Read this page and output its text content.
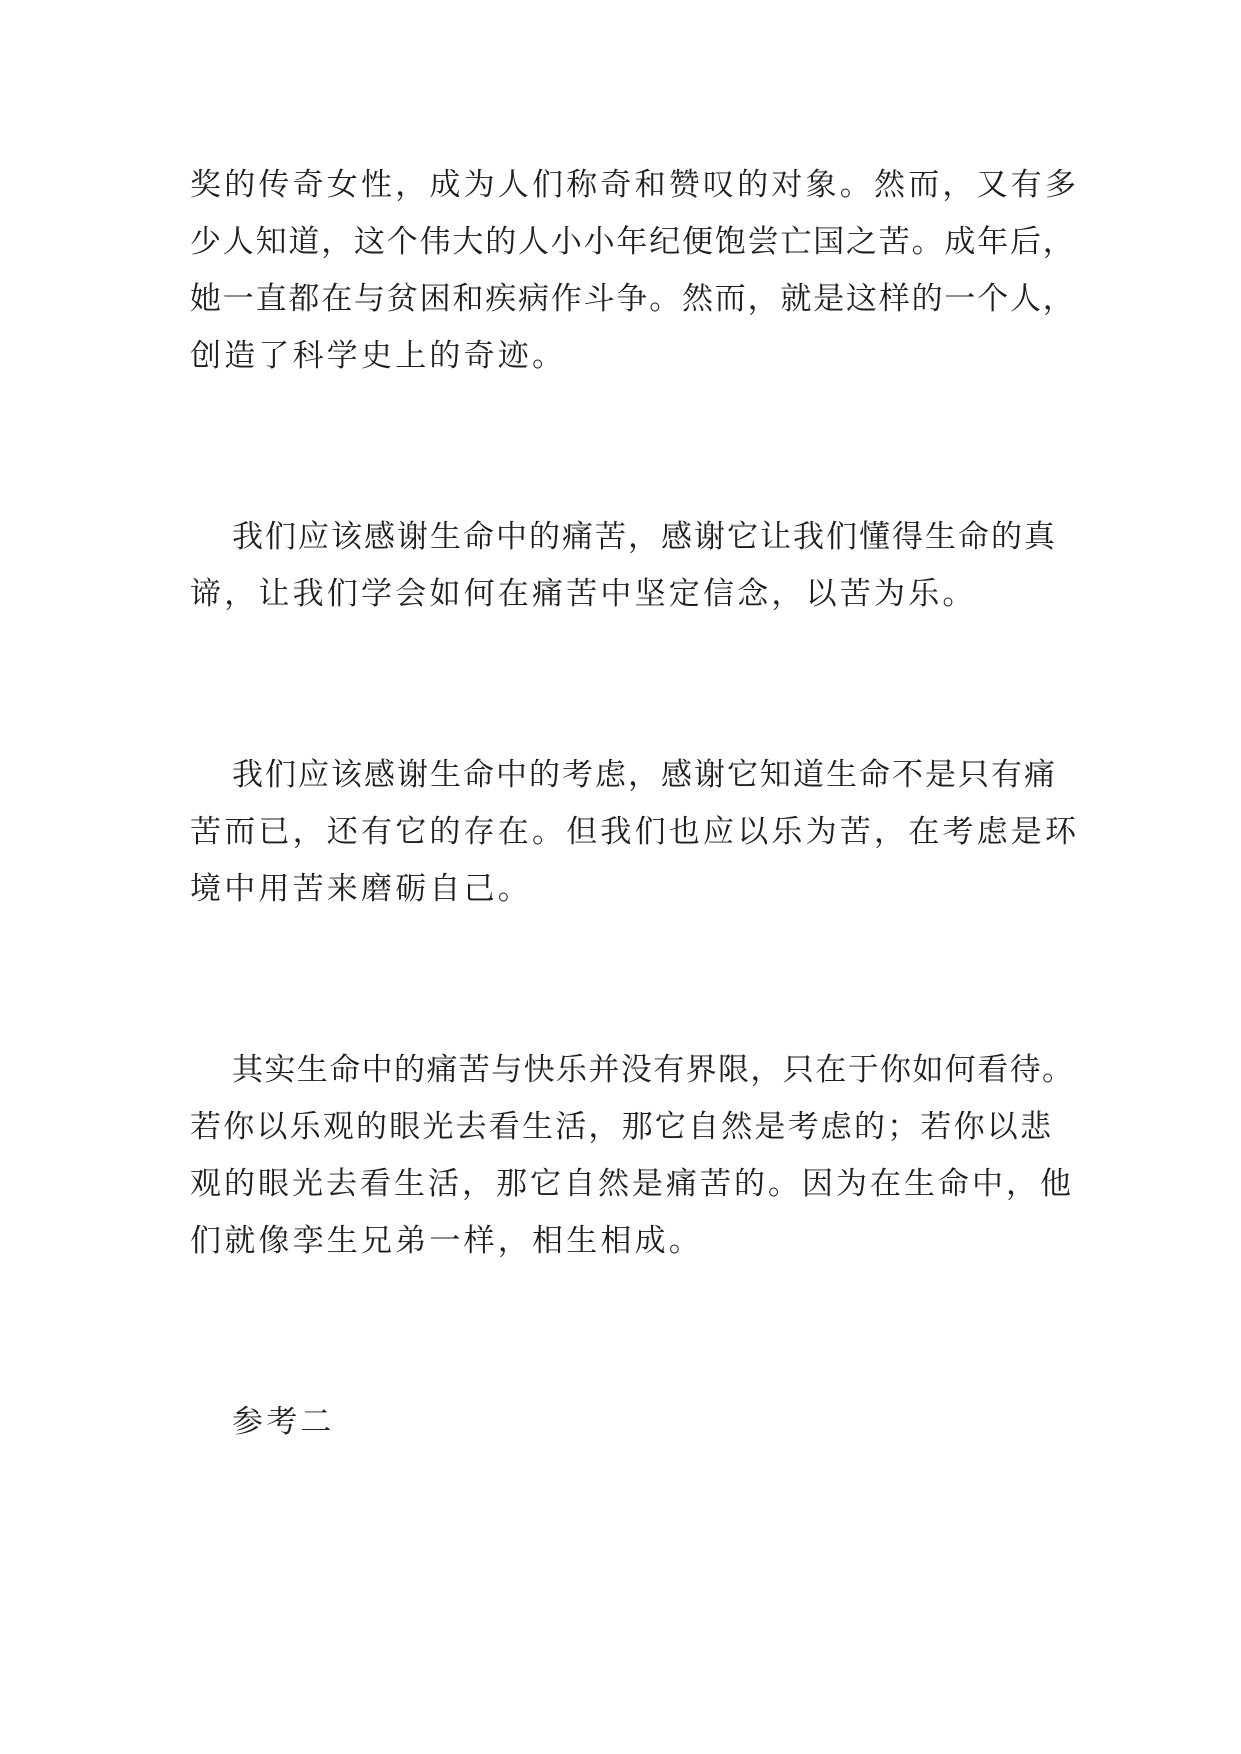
奖的传奇女性，成为人们称奇和赞叹的对象。然而，又有多
少人知道，这个伟大的人小小年纪便饱尝亡国之苦。成年后，
她一直都在与贫困和疾病作斗争。然而，就是这样的一个人，
创造了科学史上的奇迹。
我们应该感谢生命中的痛苦，感谢它让我们懂得生命的真
谛，让我们学会如何在痛苦中坚定信念，以苦为乐。
我们应该感谢生命中的考虑，感谢它知道生命不是只有痛
苦而已，还有它的存在。但我们也应以乐为苦，在考虑是环
境中用苦来磨砺自己。
其实生命中的痛苦与快乐并没有界限，只在于你如何看待。
若你以乐观的眼光去看生活，那它自然是考虑的；若你以悲
观的眼光去看生活，那它自然是痛苦的。因为在生命中，他
们就像孪生兄弟一样，相生相成。
参考二
